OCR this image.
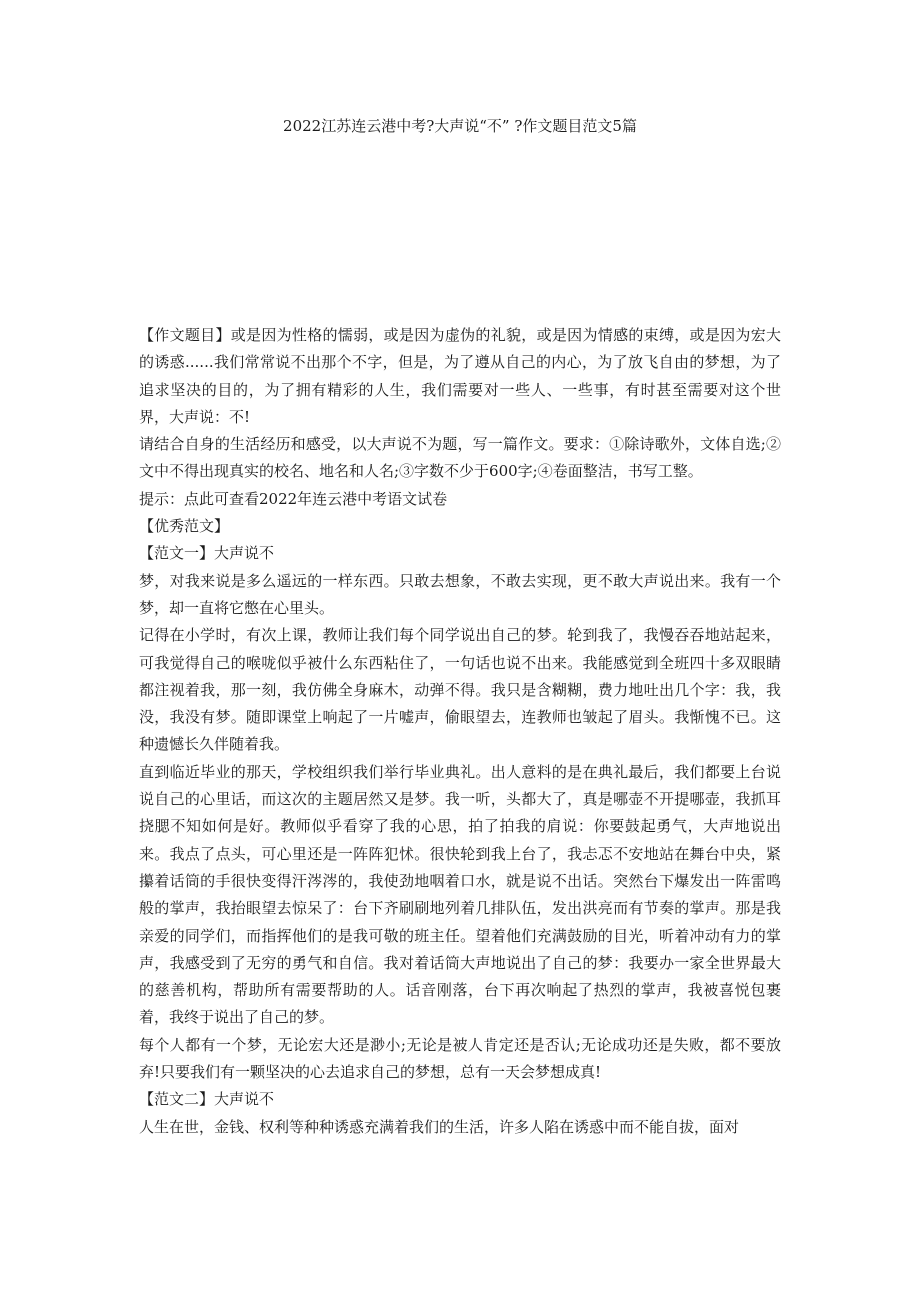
2022江苏连云港中考?大声说“不” ?作文题目范文5篇

【作文题目】或是因为性格的懦弱，或是因为虚伪的礼貌，或是因为情感的束缚，或是因为宏大的诱惑......我们常常说不出那个不字，但是，为了遵从自己的内心，为了放飞自由的梦想，为了追求坚决的目的，为了拥有精彩的人生，我们需要对一些人、一些事，有时甚至需要对这个世界，大声说：不!

请结合自身的生活经历和感受，以大声说不为题，写一篇作文。要求：①除诗歌外，文体自选;②文中不得出现真实的校名、地名和人名;③字数不少于600字;④卷面整洁，书写工整。

提示：点此可查看2022年连云港中考语文试卷

【优秀范文】

【范文一】大声说不

梦，对我来说是多么遥远的一样东西。只敢去想象，不敢去实现，更不敢大声说出来。我有一个梦，却一直将它憋在心里头。

记得在小学时，有次上课，教师让我们每个同学说出自己的梦。轮到我了，我慢吞吞地站起来，可我觉得自己的喉咙似乎被什么东西粘住了，一句话也说不出来。我能感觉到全班四十多双眼睛都注视着我，那一刻，我仿佛全身麻木，动弹不得。我只是含糊糊，费力地吐出几个字：我，我没，我没有梦。随即课堂上响起了一片嘘声，偷眼望去，连教师也皱起了眉头。我惭愧不已。这种遗憾长久伴随着我。

直到临近毕业的那天，学校组织我们举行毕业典礼。出人意料的是在典礼最后，我们都要上台说说自己的心里话，而这次的主题居然又是梦。我一听，头都大了，真是哪壶不开提哪壶，我抓耳挠腮不知如何是好。教师似乎看穿了我的心思，拍了拍我的肩说：你要鼓起勇气，大声地说出来。我点了点头，可心里还是一阵阵犯怵。很快轮到我上台了，我忐忑不安地站在舞台中央，紧攥着话筒的手很快变得汗涔涔的，我使劲地咽着口水，就是说不出话。突然台下爆发出一阵雷鸣般的掌声，我抬眼望去惊呆了：台下齐刷刷地列着几排队伍，发出洪亮而有节奏的掌声。那是我亲爱的同学们，而指挥他们的是我可敬的班主任。望着他们充满鼓励的目光，听着冲动有力的掌声，我感受到了无穷的勇气和自信。我对着话筒大声地说出了自己的梦：我要办一家全世界最大的慈善机构，帮助所有需要帮助的人。话音刚落，台下再次响起了热烈的掌声，我被喜悦包裹着，我终于说出了自己的梦。

每个人都有一个梦，无论宏大还是渺小;无论是被人肯定还是否认;无论成功还是失败，都不要放弃!只要我们有一颗坚决的心去追求自己的梦想，总有一天会梦想成真!

【范文二】大声说不

人生在世，金钱、权利等种种诱惑充满着我们的生活，许多人陷在诱惑中而不能自拔，面对
